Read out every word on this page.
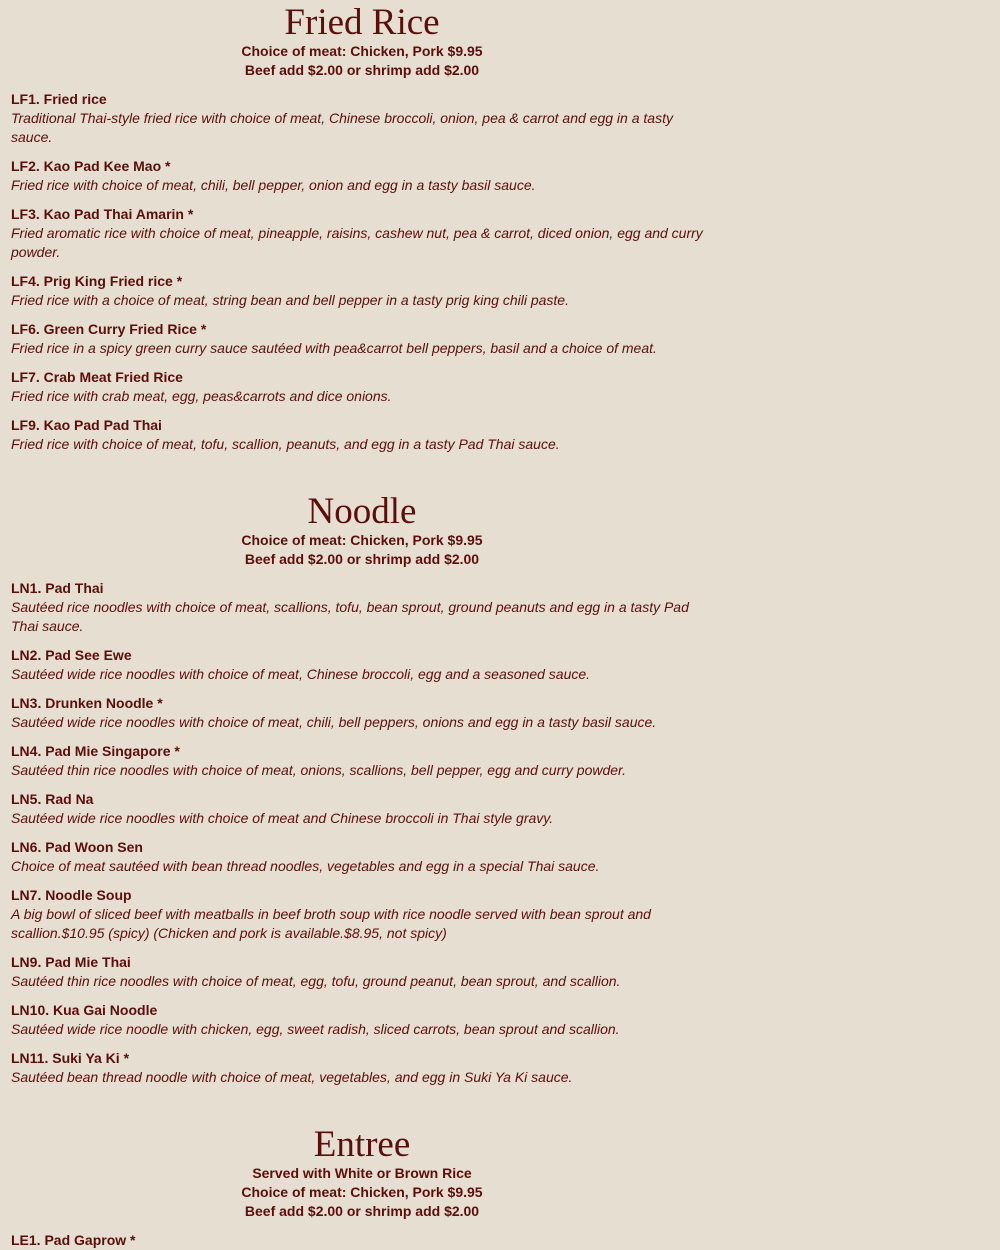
Fried Rice

Choice of meat: Chicken, Pork $9.95

Beef add $2.00 or shrimp add $2.00

LF1. Fried rice
Traditional Thai-style fried rice with choice of meat, Chinese broccoli, onion, pea & carrot and egg in a tasty sauce.
LF2. Kao Pad Kee Mao *
Fried rice with choice of meat, chili, bell pepper, onion and egg in a tasty basil sauce.
LF3. Kao Pad Thai Amarin *
Fried aromatic rice with choice of meat, pineapple, raisins, cashew nut, pea & carrot, diced onion, egg and curry powder.
LF4. Prig King Fried rice *
Fried rice with a choice of meat, string bean and bell pepper in a tasty prig king chili paste.
LF6. Green Curry Fried Rice *
Fried rice in a spicy green curry sauce sautéed with pea&carrot bell peppers, basil and a choice of meat.
LF7. Crab Meat Fried Rice
Fried rice with crab meat, egg, peas&carrots and dice onions.
LF9. Kao Pad Pad Thai
Fried rice with choice of meat, tofu, scallion, peanuts, and egg in a tasty Pad Thai sauce.
Noodle

Choice of meat: Chicken, Pork $9.95

Beef add $2.00 or shrimp add $2.00

LN1. Pad Thai
Sautéed rice noodles with choice of meat, scallions, tofu, bean sprout, ground peanuts and egg in a tasty Pad Thai sauce.
LN2. Pad See Ewe
Sautéed wide rice noodles with choice of meat, Chinese broccoli, egg and a seasoned sauce.
LN3. Drunken Noodle *
Sautéed wide rice noodles with choice of meat, chili, bell peppers, onions and egg in a tasty basil sauce.
LN4. Pad Mie Singapore *
Sautéed thin rice noodles with choice of meat, onions, scallions, bell pepper, egg and curry powder.
LN5. Rad Na
Sautéed wide rice noodles with choice of meat and Chinese broccoli in Thai style gravy.
LN6. Pad Woon Sen
Choice of meat sautéed with bean thread noodles, vegetables and egg in a special Thai sauce.
LN7. Noodle Soup
A big bowl of sliced beef with meatballs in beef broth soup with rice noodle served with bean sprout and scallion.$10.95 (spicy) (Chicken and pork is available.$8.95, not spicy)
LN9. Pad Mie Thai
Sautéed thin rice noodles with choice of meat, egg, tofu, ground peanut, bean sprout, and scallion.
LN10. Kua Gai Noodle
Sautéed wide rice noodle with chicken, egg, sweet radish, sliced carrots, bean sprout and scallion.
LN11. Suki Ya Ki *
Sautéed bean thread noodle with choice of meat, vegetables, and egg in Suki Ya Ki sauce.
Entree

Served with White or Brown Rice

Choice of meat: Chicken, Pork $9.95

Beef add $2.00 or shrimp add $2.00

LE1. Pad Gaprow *
